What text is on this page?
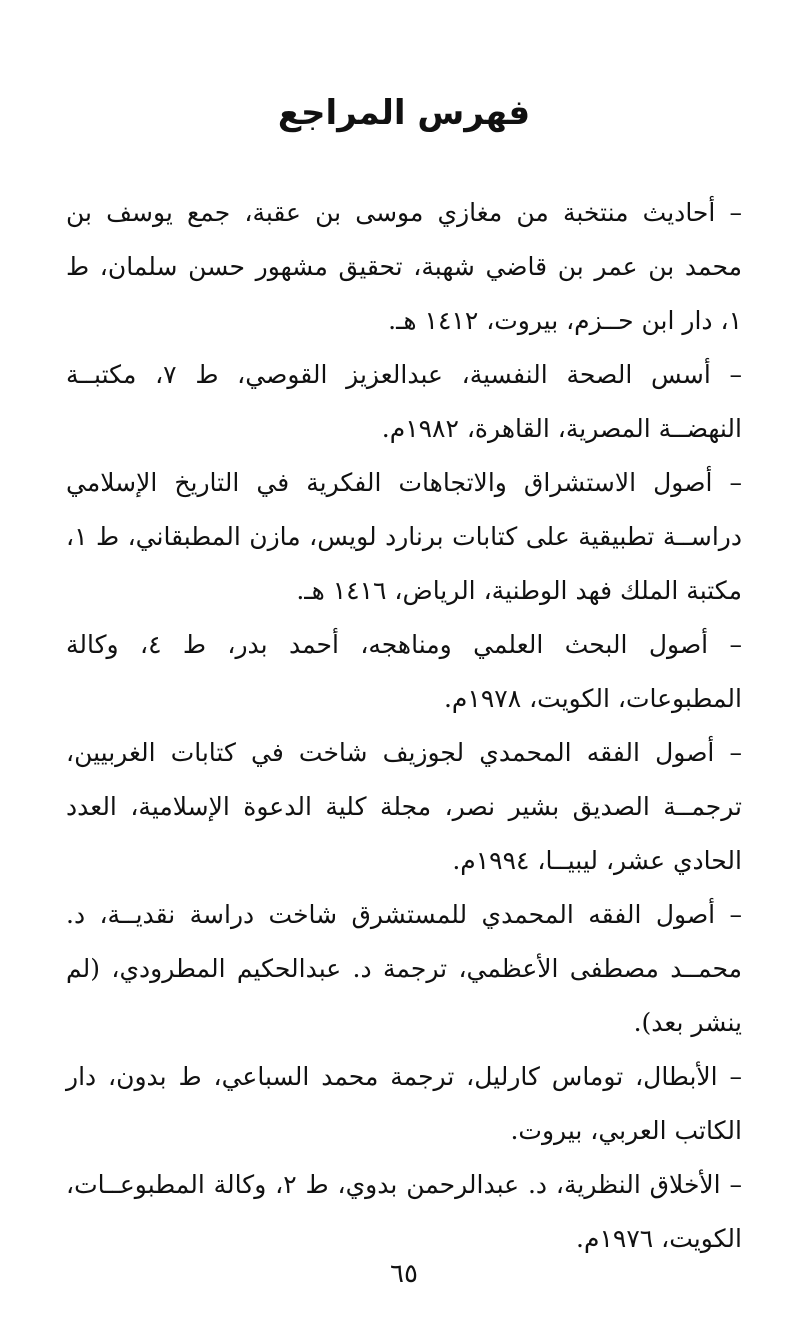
فهرس المراجع
– أحاديث منتخبة من مغازي موسى بن عقبة، جمع يوسف بن محمد بن عمر بن قاضي شهبة، تحقيق مشهور حسن سلمان، ط ١، دار ابن حــزم، بيروت، ١٤١٢ هـ.
– أسس الصحة النفسية، عبدالعزيز القوصي، ط ٧، مكتبــة النهضــة المصرية، القاهرة، ١٩٨٢م.
– أصول الاستشراق والاتجاهات الفكرية في التاريخ الإسلامي دراســة تطبيقية على كتابات برنارد لويس، مازن المطبقاني، ط ١، مكتبة الملك فهد الوطنية، الرياض، ١٤١٦ هـ.
– أصول البحث العلمي ومناهجه، أحمد بدر، ط ٤، وكالة المطبوعات، الكويت، ١٩٧٨م.
– أصول الفقه المحمدي لجوزيف شاخت في كتابات الغربيين، ترجمــة الصديق بشير نصر، مجلة كلية الدعوة الإسلامية، العدد الحادي عشر، ليبيــا، ١٩٩٤م.
– أصول الفقه المحمدي للمستشرق شاخت دراسة نقديــة، د. محمــد مصطفى الأعظمي، ترجمة د. عبدالحكيم المطرودي، (لم ينشر بعد).
– الأبطال، توماس كارليل، ترجمة محمد السباعي، ط بدون، دار الكاتب العربي، بيروت.
– الأخلاق النظرية، د. عبدالرحمن بدوي، ط ٢، وكالة المطبوعــات، الكويت، ١٩٧٦م.
٦٥
